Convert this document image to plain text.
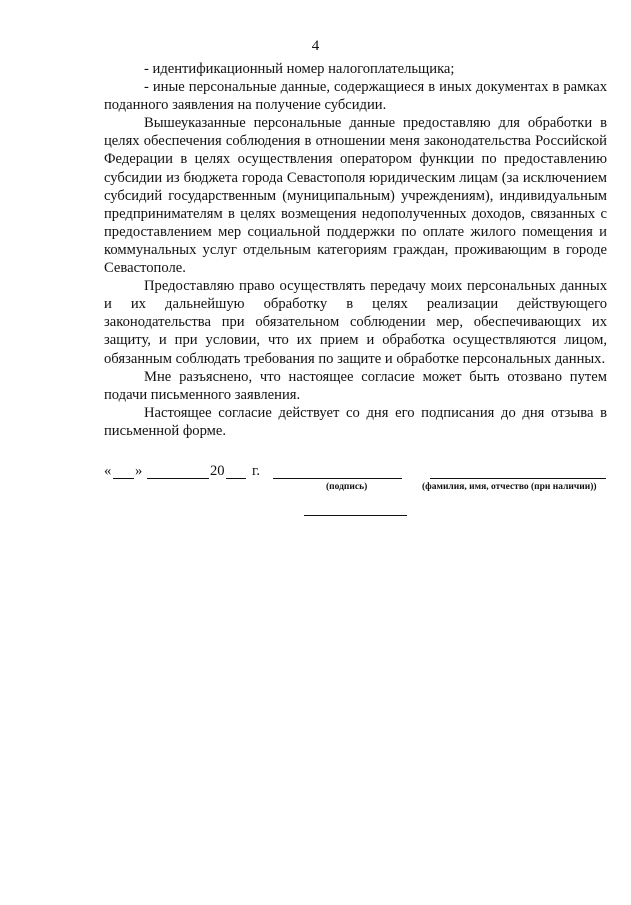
4

- идентификационный номер налогоплательщика;

- иные персональные данные, содержащиеся в иных документах в рамках поданного заявления на получение субсидии.

Вышеуказанные персональные данные предоставляю для обработки в целях обеспечения соблюдения в отношении меня законодательства Российской Федерации в целях осуществления оператором функции по предоставлению субсидии из бюджета города Севастополя юридическим лицам (за исключением субсидий государственным (муниципальным) учреждениям), индивидуальным предпринимателям в целях возмещения недополученных доходов, связанных с предоставлением мер социальной поддержки по оплате жилого помещения и коммунальных услуг отдельным категориям граждан, проживающим в городе Севастополе.

Предоставляю право осуществлять передачу моих персональных данных и их дальнейшую обработку в целях реализации действующего законодательства при обязательном соблюдении мер, обеспечивающих их защиту, и при условии, что их прием и обработка осуществляются лицом, обязанным соблюдать требования по защите и обработке персональных данных.

Мне разъяснено, что настоящее согласие может быть отозвано путем подачи письменного заявления.

Настоящее согласие действует со дня его подписания до дня отзыва в письменной форме.

« »	20 г.
(подпись)	(фамилия, имя, отчество (при наличии))
